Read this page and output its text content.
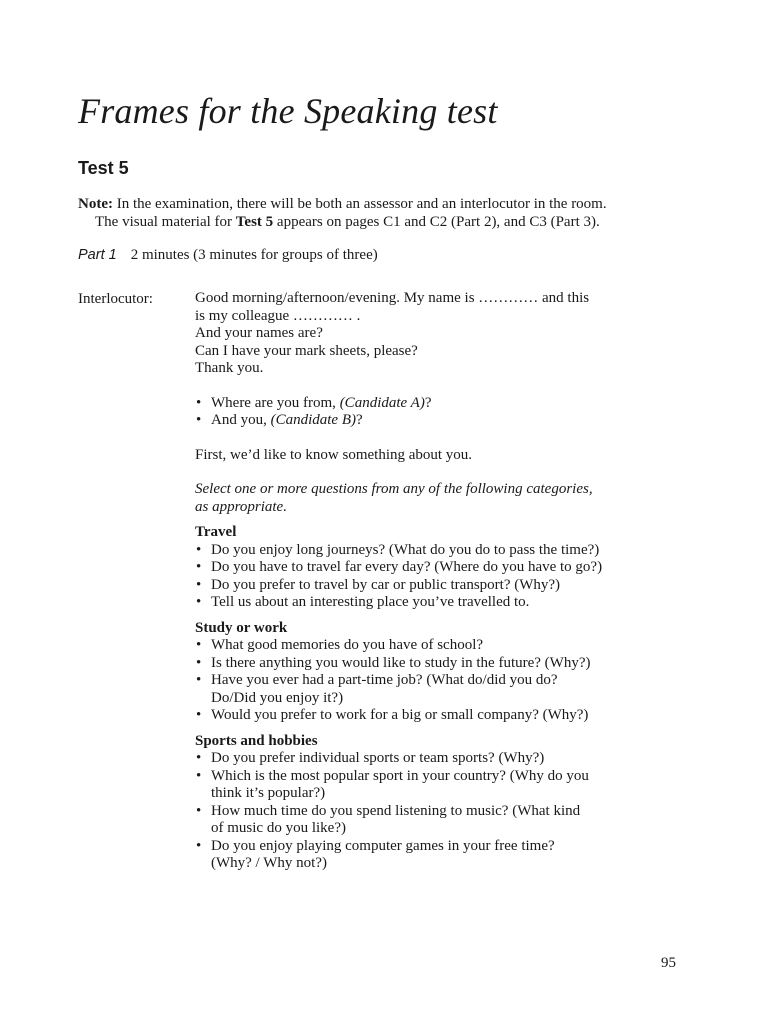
Frames for the Speaking test
Test 5
Note: In the examination, there will be both an assessor and an interlocutor in the room.
The visual material for Test 5 appears on pages C1 and C2 (Part 2), and C3 (Part 3).
Part 1 2 minutes (3 minutes for groups of three)
Interlocutor:	Good morning/afternoon/evening. My name is ………… and this

is my colleague ………… .

And your names are?

Can I have your mark sheets, please?

Thank you.

• Where are you from, (Candidate A)?
• And you, (Candidate B)?

First, we’d like to know something about you.

Select one or more questions from any of the following categories,

as appropriate.

Travel

• Do you enjoy long journeys? (What do you do to pass the time?)
• Do you have to travel far every day? (Where do you have to go?)
• Do you prefer to travel by car or public transport? (Why?)
• Tell us about an interesting place you’ve travelled to.

Study or work

• What good memories do you have of school?
• Is there anything you would like to study in the future? (Why?)
• Have you ever had a part-time job? (What do/did you do?
Do/Did you enjoy it?)
• Would you prefer to work for a big or small company? (Why?)

Sports and hobbies

• Do you prefer individual sports or team sports? (Why?)
• Which is the most popular sport in your country? (Why do you
think it’s popular?)
• How much time do you spend listening to music? (What kind
of music do you like?)
• Do you enjoy playing computer games in your free time?
(Why? / Why not?)
95
